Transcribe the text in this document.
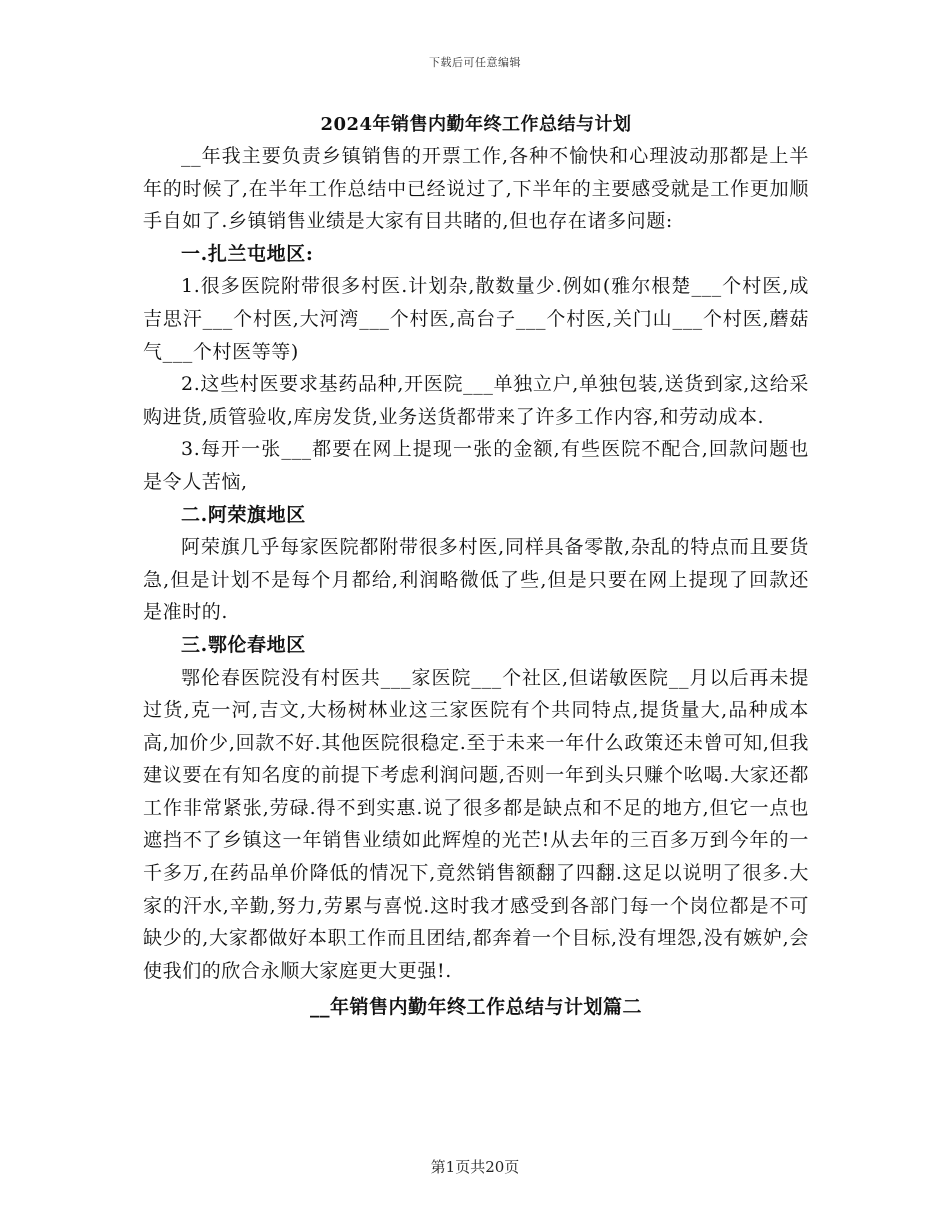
下载后可任意编辑
2024年销售内勤年终工作总结与计划

__年我主要负责乡镇销售的开票工作,各种不愉快和心理波动那都是上半年的时候了,在半年工作总结中已经说过了,下半年的主要感受就是工作更加顺手自如了.乡镇销售业绩是大家有目共睹的,但也存在诸多问题:

一.扎兰屯地区:

1.很多医院附带很多村医.计划杂,散数量少.例如(雅尔根楚___个村医,成吉思汗___个村医,大河湾___个村医,高台子___个村医,关门山___个村医,蘑菇气___个村医等等)

2.这些村医要求基药品种,开医院___单独立户,单独包装,送货到家,这给采购进货,质管验收,库房发货,业务送货都带来了许多工作内容,和劳动成本.

3.每开一张___都要在网上提现一张的金额,有些医院不配合,回款问题也是令人苦恼,

二.阿荣旗地区

阿荣旗几乎每家医院都附带很多村医,同样具备零散,杂乱的特点而且要货急,但是计划不是每个月都给,利润略微低了些,但是只要在网上提现了回款还是准时的.

三.鄂伦春地区

鄂伦春医院没有村医共___家医院___个社区,但诺敏医院__月以后再未提过货,克一河,吉文,大杨树林业这三家医院有个共同特点,提货量大,品种成本高,加价少,回款不好.其他医院很稳定.至于未来一年什么政策还未曾可知,但我建议要在有知名度的前提下考虑利润问题,否则一年到头只赚个吆喝.大家还都工作非常紧张,劳碌.得不到实惠.说了很多都是缺点和不足的地方,但它一点也遮挡不了乡镇这一年销售业绩如此辉煌的光芒!从去年的三百多万到今年的一千多万,在药品单价降低的情况下,竟然销售额翻了四翻.这足以说明了很多.大家的汗水,辛勤,努力,劳累与喜悦.这时我才感受到各部门每一个岗位都是不可缺少的,大家都做好本职工作而且团结,都奔着一个目标,没有埋怨,没有嫉妒,会使我们的欣合永顺大家庭更大更强!.

__年销售内勤年终工作总结与计划篇二

第1页共20页
